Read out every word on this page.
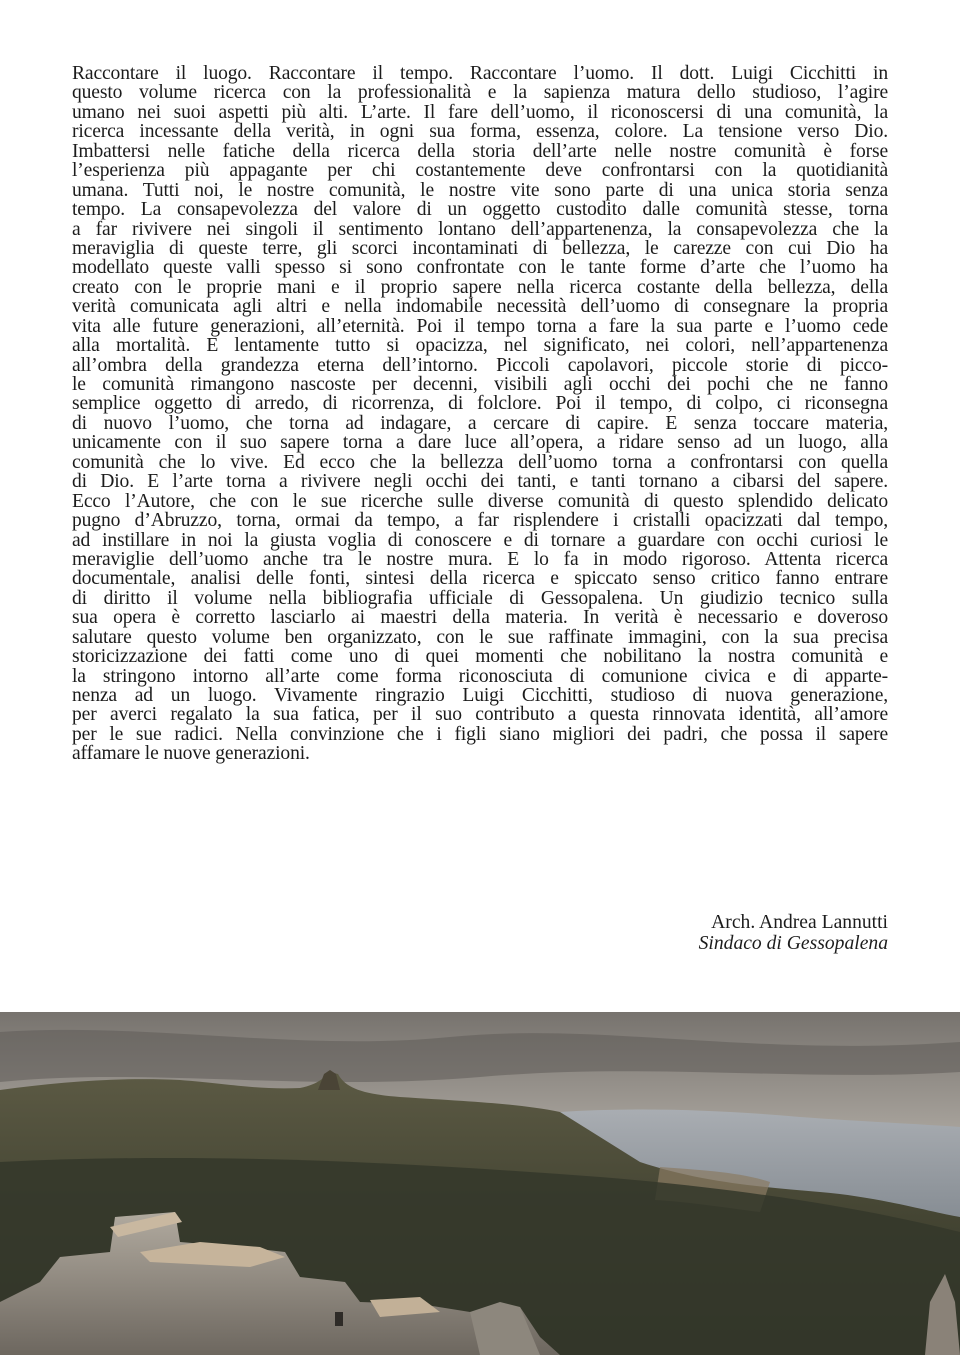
Raccontare il luogo. Raccontare il tempo. Raccontare l’uomo. Il dott. Luigi Cicchitti in
questo volume ricerca con la professionalità e la sapienza matura dello studioso, l’agire
umano nei suoi aspetti più alti. L’arte. Il fare dell’uomo, il riconoscersi di una comunità, la
ricerca incessante della verità, in ogni sua forma, essenza, colore. La tensione verso Dio.
Imbattersi nelle fatiche della ricerca della storia dell’arte nelle nostre comunità è forse
l’esperienza più appagante per chi costantemente deve confrontarsi con la quotidianità
umana. Tutti noi, le nostre comunità, le nostre vite sono parte di una unica storia senza
tempo. La consapevolezza del valore di un oggetto custodito dalle comunità stesse, torna
a far rivivere nei singoli il sentimento lontano dell’appartenenza, la consapevolezza che la
meraviglia di queste terre, gli scorci incontaminati di bellezza, le carezze con cui Dio ha
modellato queste valli spesso si sono confrontate con le tante forme d’arte che l’uomo ha
creato con le proprie mani e il proprio sapere nella ricerca costante della bellezza, della
verità comunicata agli altri e nella indomabile necessità dell’uomo di consegnare la propria
vita alle future generazioni, all’eternità. Poi il tempo torna a fare la sua parte e l’uomo cede
alla mortalità. E lentamente tutto si opacizza, nel significato, nei colori, nell’appartenenza
all’ombra della grandezza eterna dell’intorno. Piccoli capolavori, piccole storie di picco-
le comunità rimangono nascoste per decenni, visibili agli occhi dei pochi che ne fanno
semplice oggetto di arredo, di ricorrenza, di folclore. Poi il tempo, di colpo, ci riconsegna
di nuovo l’uomo, che torna ad indagare, a cercare di capire. E senza toccare materia,
unicamente con il suo sapere torna a dare luce all’opera, a ridare senso ad un luogo, alla
comunità che lo vive. Ed ecco che la bellezza dell’uomo torna a confrontarsi con quella
di Dio. E l’arte torna a rivivere negli occhi dei tanti, e tanti tornano a cibarsi del sapere.
Ecco l’Autore, che con le sue ricerche sulle diverse comunità di questo splendido delicato
pugno d’Abruzzo, torna, ormai da tempo, a far risplendere i cristalli opacizzati dal tempo,
ad instillare in noi la giusta voglia di conoscere e di tornare a guardare con occhi curiosi le
meraviglie dell’uomo anche tra le nostre mura. E lo fa in modo rigoroso. Attenta ricerca
documentale, analisi delle fonti, sintesi della ricerca e spiccato senso critico fanno entrare
di diritto il volume nella bibliografia ufficiale di Gessopalena. Un giudizio tecnico sulla
sua opera è corretto lasciarlo ai maestri della materia. In verità è necessario e doveroso
salutare questo volume ben organizzato, con le sue raffinate immagini, con la sua precisa
storicizzazione dei fatti come uno di quei momenti che nobilitano la nostra comunità e
la stringono intorno all’arte come forma riconosciuta di comunione civica e di apparte-
nenza ad un luogo. Vivamente ringrazio Luigi Cicchitti, studioso di nuova generazione,
per averci regalato la sua fatica, per il suo contributo a questa rinnovata identità, all’amore
per le sue radici. Nella convinzione che i figli siano migliori dei padri, che possa il sapere
affamare le nuove generazioni.
Arch. Andrea Lannutti
Sindaco di Gessopalena
